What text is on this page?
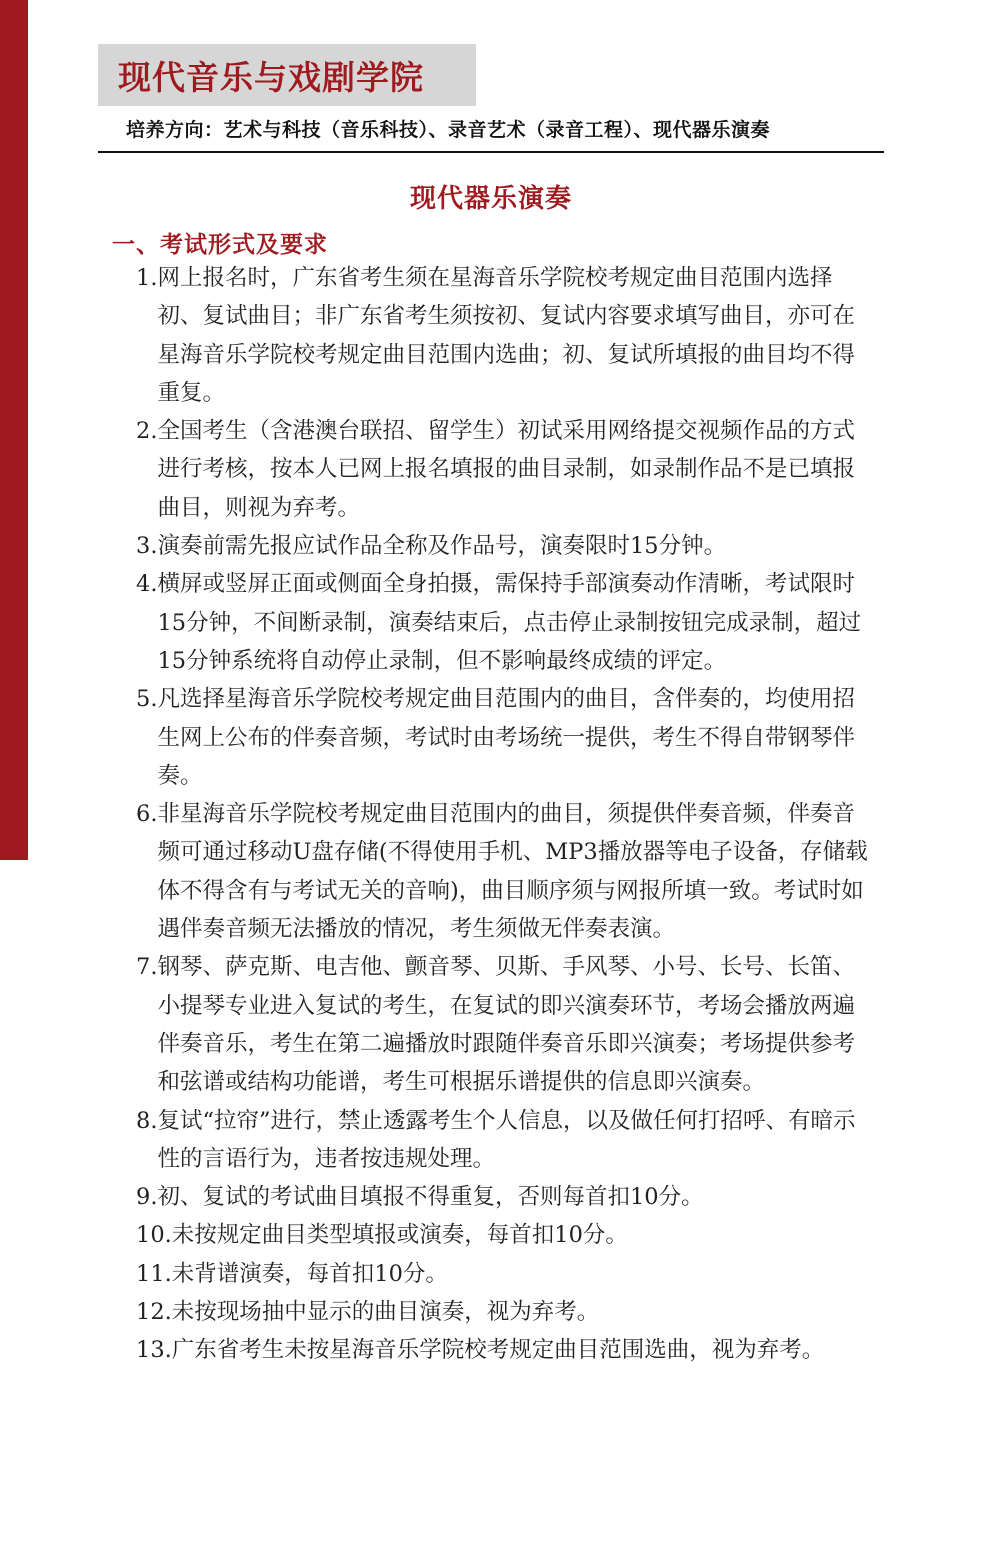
现代音乐与戏剧学院
培养方向：艺术与科技（音乐科技）、录音艺术（录音工程）、现代器乐演奏
现代器乐演奏
一、考试形式及要求
1. 网上报名时，广东省考生须在星海音乐学院校考规定曲目范围内选择初、复试曲目；非广东省考生须按初、复试内容要求填写曲目，亦可在星海音乐学院校考规定曲目范围内选曲；初、复试所填报的曲目均不得重复。
2. 全国考生（含港澳台联招、留学生）初试采用网络提交视频作品的方式进行考核，按本人已网上报名填报的曲目录制，如录制作品不是已填报曲目，则视为弃考。
3. 演奏前需先报应试作品全称及作品号，演奏限时15分钟。
4. 横屏或竖屏正面或侧面全身拍摄，需保持手部演奏动作清晰，考试限时15分钟，不间断录制，演奏结束后，点击停止录制按钮完成录制，超过15分钟系统将自动停止录制，但不影响最终成绩的评定。
5. 凡选择星海音乐学院校考规定曲目范围内的曲目，含伴奏的，均使用招生网上公布的伴奏音频，考试时由考场统一提供，考生不得自带钢琴伴奏。
6. 非星海音乐学院校考规定曲目范围内的曲目，须提供伴奏音频，伴奏音频可通过移动U盘存储(不得使用手机、MP3播放器等电子设备，存储载体不得含有与考试无关的音响)，曲目顺序须与网报所填一致。考试时如遇伴奏音频无法播放的情况，考生须做无伴奏表演。
7. 钢琴、萨克斯、电吉他、颤音琴、贝斯、手风琴、小号、长号、长笛、小提琴专业进入复试的考生，在复试的即兴演奏环节，考场会播放两遍伴奏音乐，考生在第二遍播放时跟随伴奏音乐即兴演奏；考场提供参考和弦谱或结构功能谱，考生可根据乐谱提供的信息即兴演奏。
8. 复试“拉帘”进行，禁止透露考生个人信息，以及做任何打招呼、有暗示性的言语行为，违者按违规处理。
9. 初、复试的考试曲目填报不得重复，否则每首扣10分。
10. 未按规定曲目类型填报或演奏，每首扣10分。
11. 未背谱演奏，每首扣10分。
12. 未按现场抽中显示的曲目演奏，视为弃考。
13. 广东省考生未按星海音乐学院校考规定曲目范围选曲，视为弃考。
